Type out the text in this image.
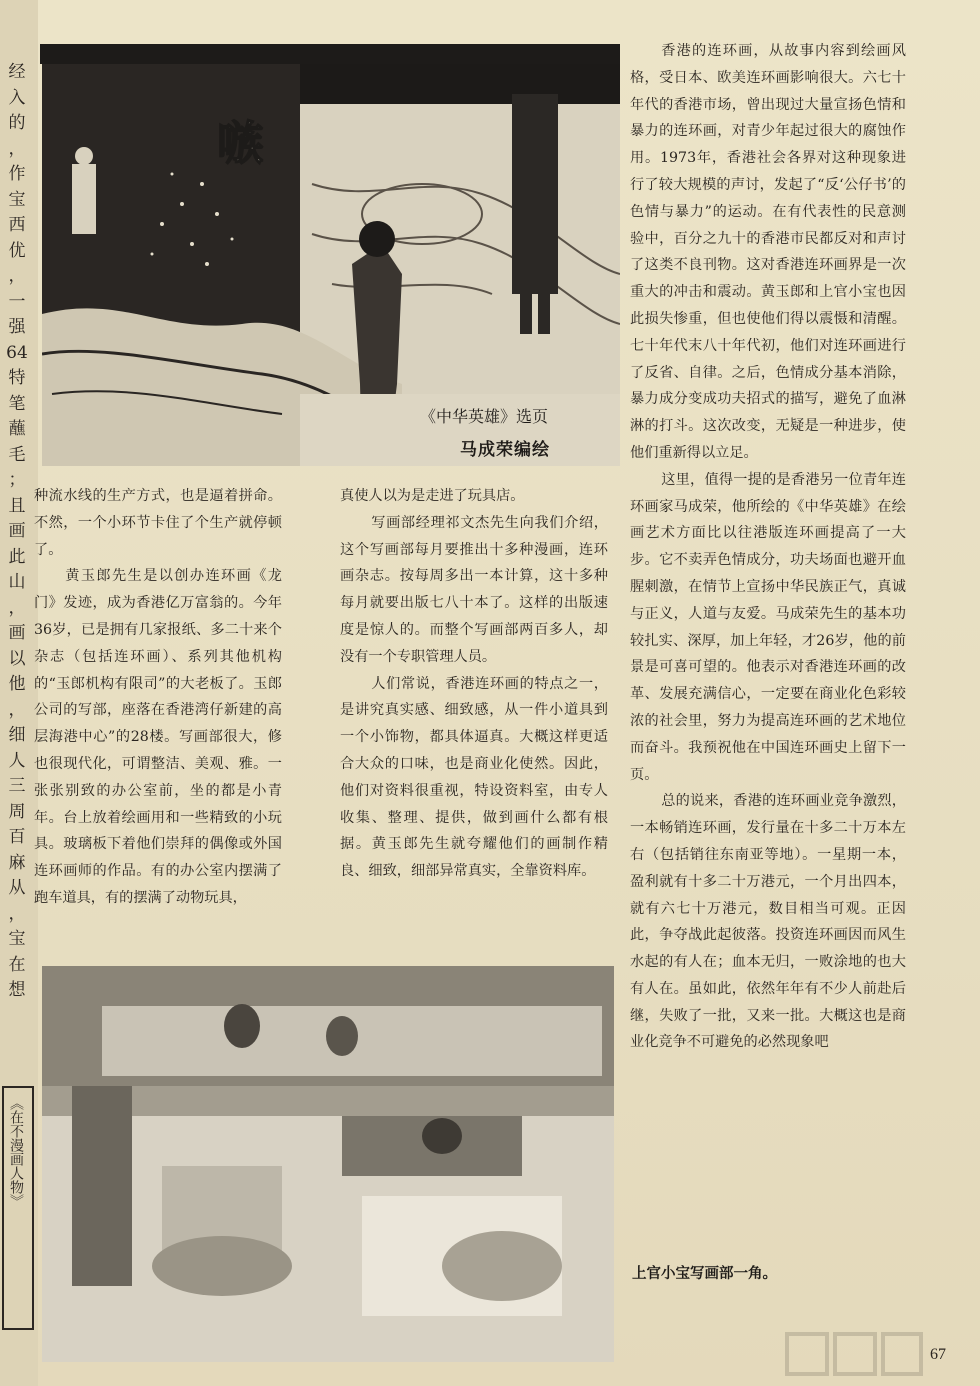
经
入
的
，
作
宝
西
优
，
一
强
64
特
笔
蘸
毛
；
且
画
此
山
，
画
以
他
，
细
人
三
周
百
麻
从
，
宝
在
想
《在不漫画人物》
嗾
《中华英雄》选页
马成荣编绘

种流水线的生产方式，也是逼着拼命。不然，一个小环节卡住了个生产就停顿了。

黄玉郎先生是以创办连环画《龙门》发迹，成为香港亿万富翁的。今年36岁，已是拥有几家报纸、多二十来个杂志（包括连环画）、系列其他机构的“玉郎机构有限司”的大老板了。玉郎公司的写部，座落在香港湾仔新建的高层海港中心”的28楼。写画部很大，修也很现代化，可谓整洁、美观、雅。一张张别致的办公室前，坐的都是小青年。台上放着绘画用和一些精致的小玩具。玻璃板下着他们崇拜的偶像或外国连环画师的作品。有的办公室内摆满了跑车道具，有的摆满了动物玩具，

真使人以为是走进了玩具店。

写画部经理祁文杰先生向我们介绍，这个写画部每月要推出十多种漫画，连环画杂志。按每周多出一本计算，这十多种每月就要出版七八十本了。这样的出版速度是惊人的。而整个写画部两百多人，却没有一个专职管理人员。

人们常说，香港连环画的特点之一，是讲究真实感、细致感，从一件小道具到一个小饰物，都具体逼真。大概这样更适合大众的口味，也是商业化使然。因此，他们对资料很重视，特设资料室，由专人收集、整理、提供，做到画什么都有根据。黄玉郎先生就夸耀他们的画制作精良、细致，细部异常真实，全靠资料库。

香港的连环画，从故事内容到绘画风格，受日本、欧美连环画影响很大。六七十年代的香港市场，曾出现过大量宣扬色情和暴力的连环画，对青少年起过很大的腐蚀作用。1973年，香港社会各界对这种现象进行了较大规模的声讨，发起了“反‘公仔书’的色情与暴力”的运动。在有代表性的民意测验中，百分之九十的香港市民都反对和声讨了这类不良刊物。这对香港连环画界是一次重大的冲击和震动。黄玉郎和上官小宝也因此损失惨重，但也使他们得以震慑和清醒。七十年代末八十年代初，他们对连环画进行了反省、自律。之后，色情成分基本消除，暴力成分变成功夫招式的描写，避免了血淋淋的打斗。这次改变，无疑是一种进步，使他们重新得以立足。

这里，值得一提的是香港另一位青年连环画家马成荣，他所绘的《中华英雄》在绘画艺术方面比以往港版连环画提高了一大步。它不卖弄色情成分，功夫场面也避开血腥刺激，在情节上宣扬中华民族正气，真诚与正义，人道与友爱。马成荣先生的基本功较扎实、深厚，加上年轻，才26岁，他的前景是可喜可望的。他表示对香港连环画的改革、发展充满信心，一定要在商业化色彩较浓的社会里，努力为提高连环画的艺术地位而奋斗。我预祝他在中国连环画史上留下一页。

总的说来，香港的连环画业竞争激烈，一本畅销连环画，发行量在十多二十万本左右（包括销往东南亚等地）。一星期一本，盈利就有十多二十万港元，一个月出四本，就有六七十万港元，数目相当可观。正因此，争夺战此起彼落。投资连环画因而风生水起的有人在；血本无归，一败涂地的也大有人在。虽如此，依然年年有不少人前赴后继，失败了一批，又来一批。大概这也是商业化竞争不可避免的必然现象吧

上官小宝写画部一角。
67
